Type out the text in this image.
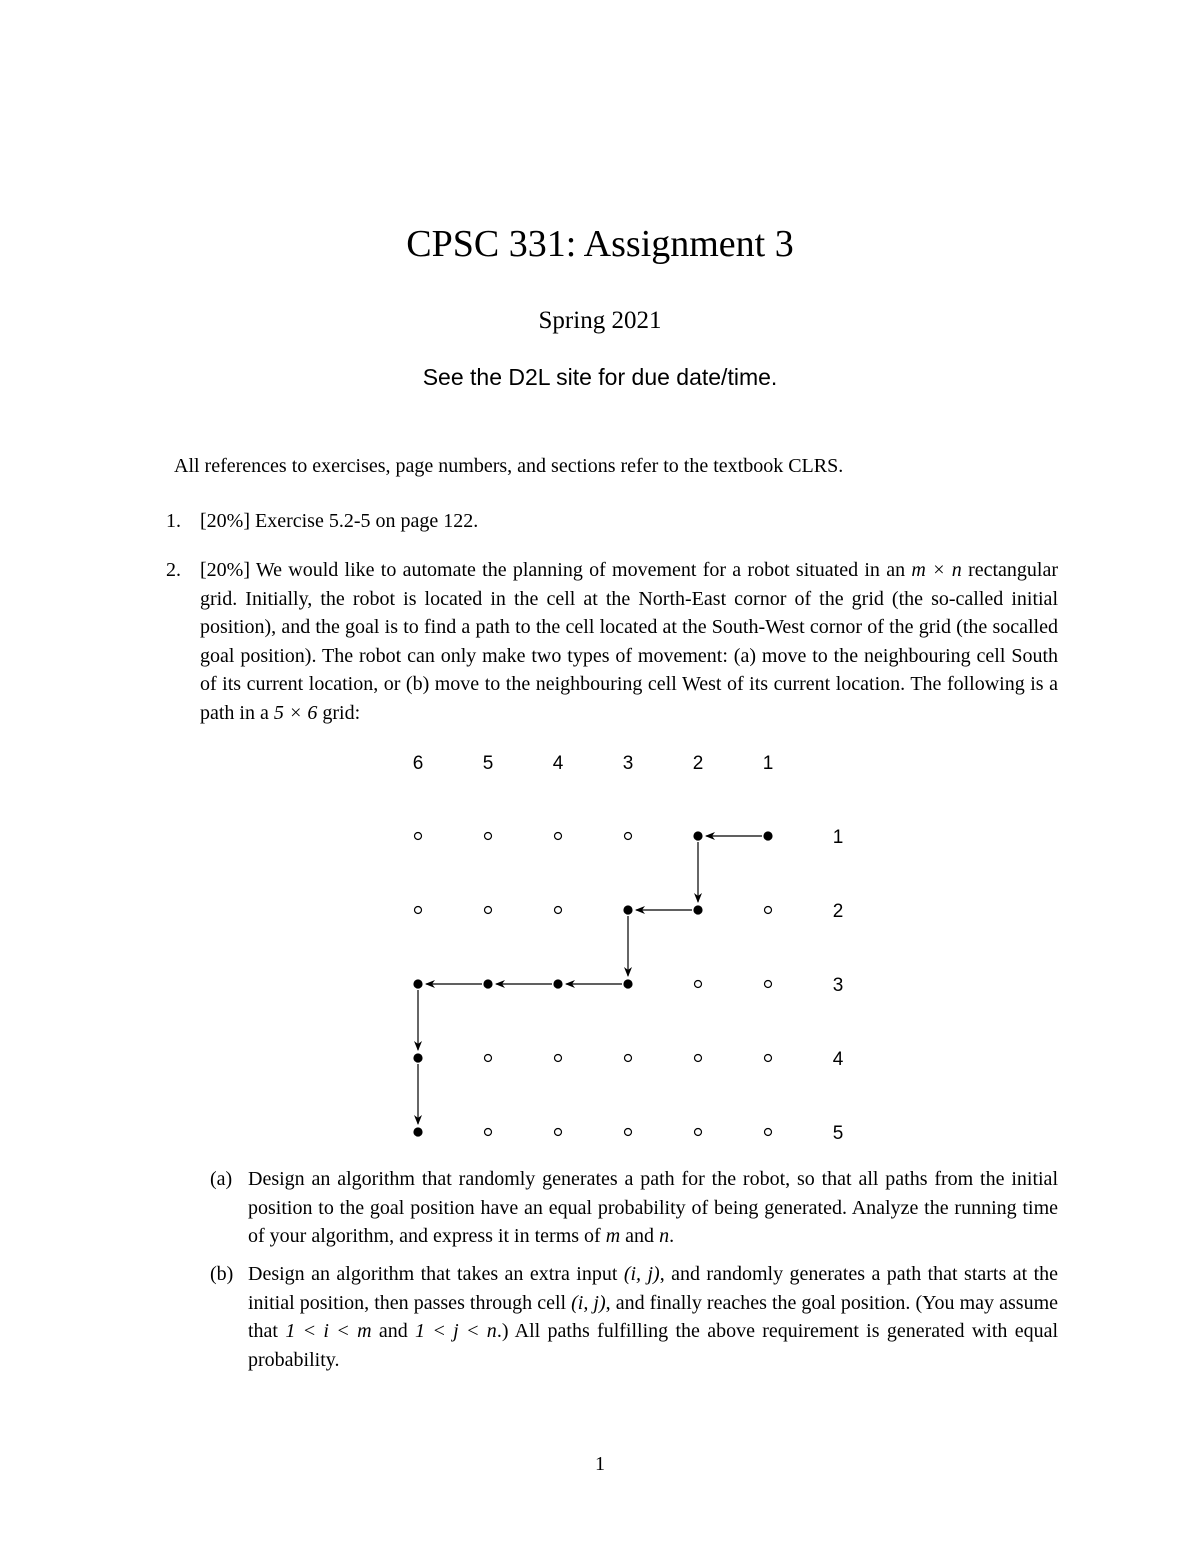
CPSC 331: Assignment 3
Spring 2021
See the D2L site for due date/time.
All references to exercises, page numbers, and sections refer to the textbook CLRS.
1. [20%] Exercise 5.2-5 on page 122.
2. [20%] We would like to automate the planning of movement for a robot situated in an m × n rectangular grid. Initially, the robot is located in the cell at the North-East cornor of the grid (the so-called initial position), and the goal is to find a path to the cell located at the South-West cornor of the grid (the socalled goal position). The robot can only make two types of movement: (a) move to the neighbouring cell South of its current location, or (b) move to the neighbouring cell West of its current location. The following is a path in a 5 × 6 grid:
6	5	4	3	2	1
1
2
3
4
5
(a) Design an algorithm that randomly generates a path for the robot, so that all paths from the initial position to the goal position have an equal probability of being generated. Analyze the running time of your algorithm, and express it in terms of m and n.
(b) Design an algorithm that takes an extra input (i, j), and randomly generates a path that starts at the initial position, then passes through cell (i, j), and finally reaches the goal position. (You may assume that 1 < i < m and 1 < j < n.) All paths fulfilling the above requirement is generated with equal probability.
1
